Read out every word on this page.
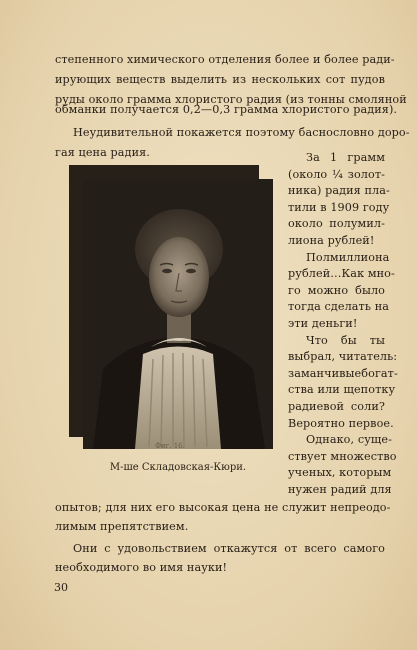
степенного химического отделения более и более ради-
ирующих веществ выделить из нескольких сот пудов
руды около грамма хлористого радия (из тонны смоляной
обманки получается 0,2—0,3 грамма хлористого радия).
Неудивительной покажется поэтому баснословно доро-
гая цена радия.
Фиг. 16.
М-ше Складовская-Кюри.
За 1 грамм
(около ¼ золот-
ника) радия пла-
тили в 1909 году
около полумил-
лиона рублей!
Полмиллиона
рублей…Как мно-
го можно было
тогда сделать на
эти деньги!
Что бы ты
выбрал, читатель:
заманчивыебогат-
ства или щепотку
радиевой соли?
Вероятно первое.
Однако, суще-
ствует множество
ученых, которым
нужен радий для
опытов; для них его высокая цена не служит непреодо-
лимым препятствием.
Они с удовольствием откажутся от всего самого
необходимого во имя науки!
30
